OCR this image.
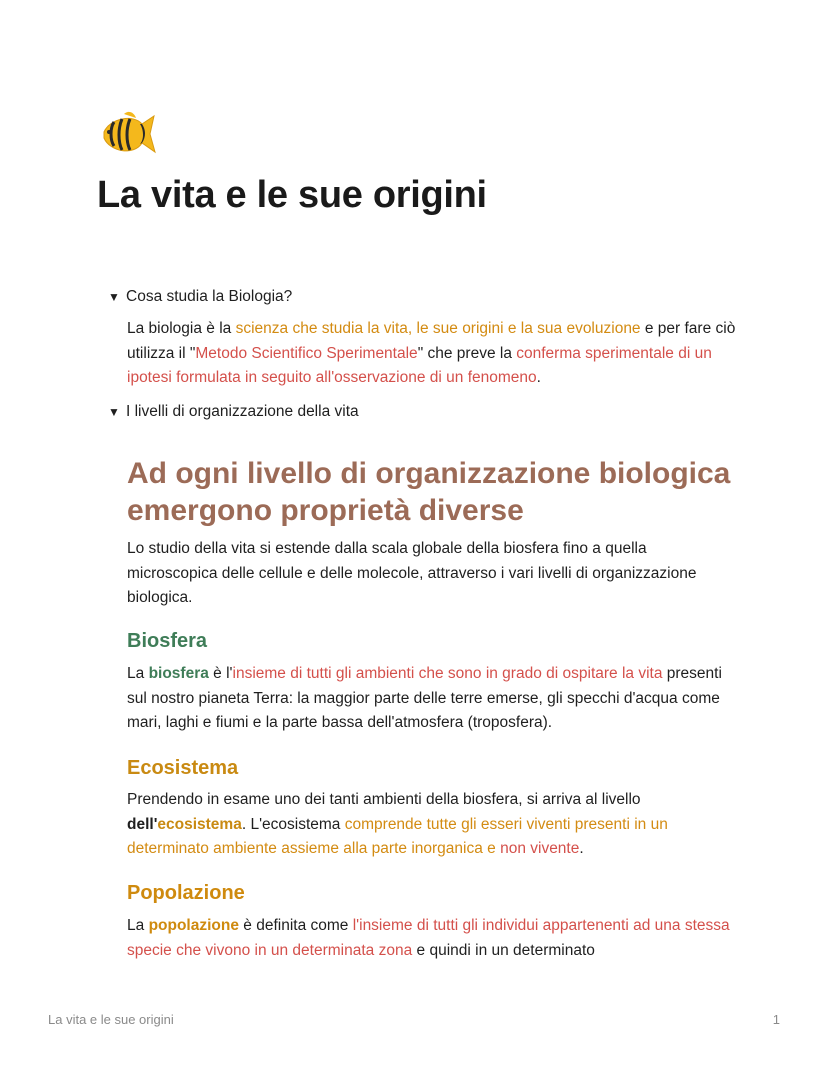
La vita e le sue origini
▼ Cosa studia la Biologia?
La biologia è la scienza che studia la vita, le sue origini e la sua evoluzione e per fare ciò utilizza il "Metodo Scientifico Sperimentale" che preve la conferma sperimentale di un ipotesi formulata in seguito all'osservazione di un fenomeno.
▼ I livelli di organizzazione della vita
Ad ogni livello di organizzazione biologica emergono proprietà diverse
Lo studio della vita si estende dalla scala globale della biosfera fino a quella microscopica delle cellule e delle molecole, attraverso i vari livelli di organizzazione biologica.
Biosfera
La biosfera è l'insieme di tutti gli ambienti che sono in grado di ospitare la vita presenti sul nostro pianeta Terra: la maggior parte delle terre emerse, gli specchi d'acqua come mari, laghi e fiumi e la parte bassa dell'atmosfera (troposfera).
Ecosistema
Prendendo in esame uno dei tanti ambienti della biosfera, si arriva al livello dell'ecosistema. L'ecosistema comprende tutte gli esseri viventi presenti in un determinato ambiente assieme alla parte inorganica e non vivente.
Popolazione
La popolazione è definita come l'insieme di tutti gli individui appartenenti ad una stessa specie che vivono in un determinata zona e quindi in un determinato
La vita e le sue origini	1
